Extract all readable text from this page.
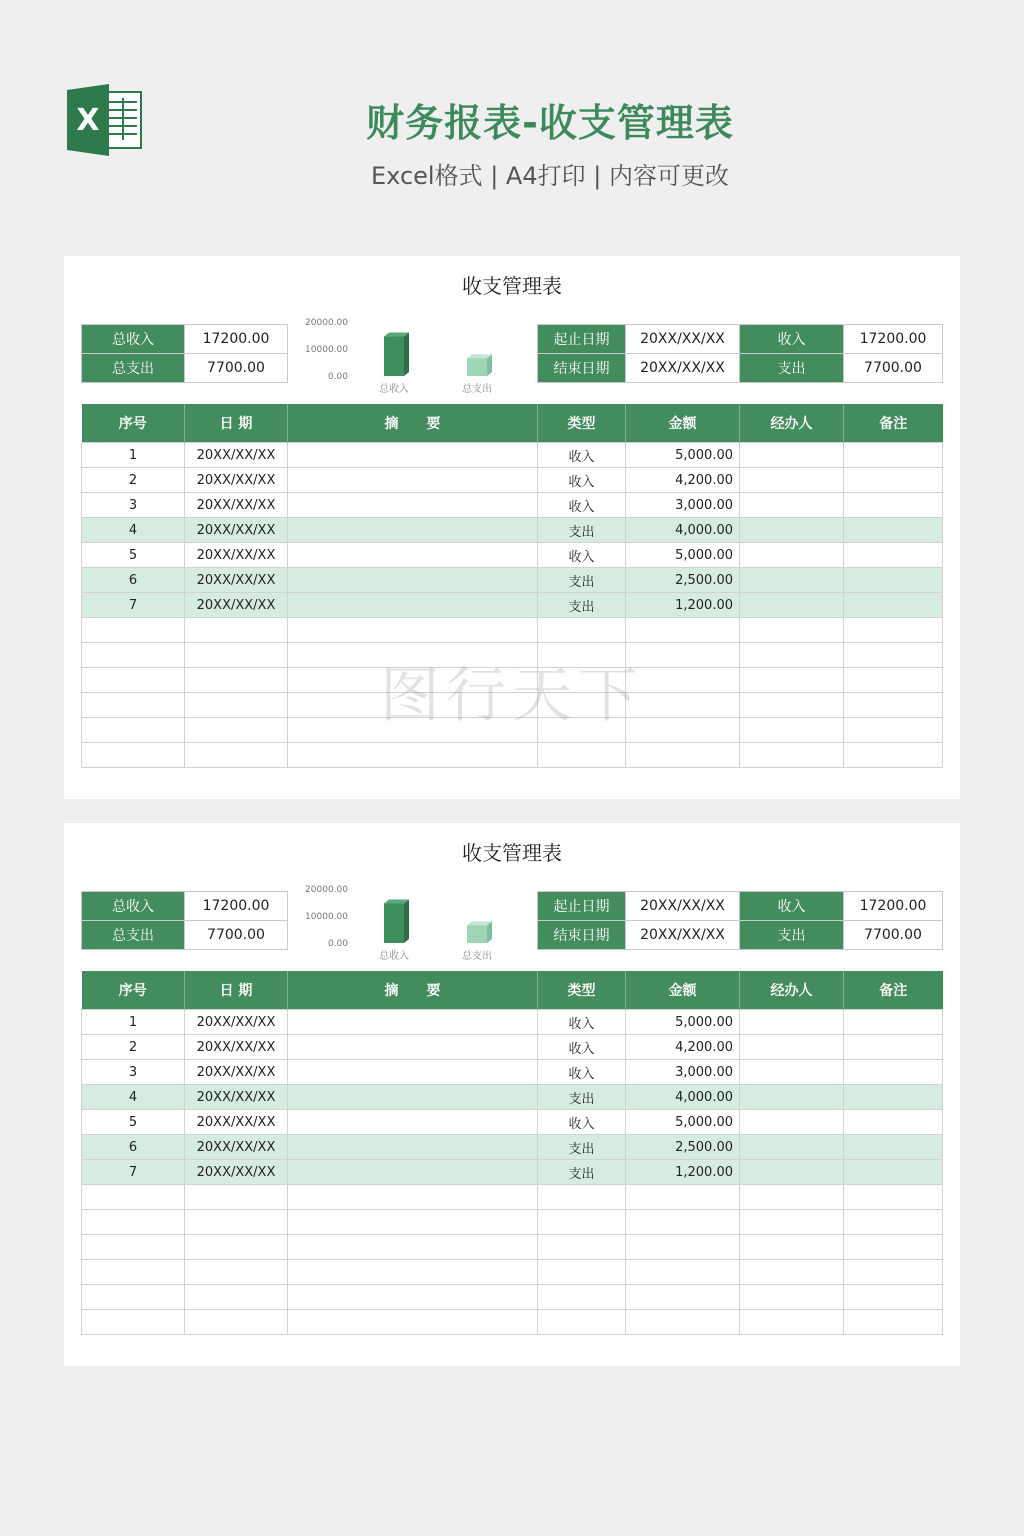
X	财务报表-收支管理表
Excel格式 | A4打印 | 内容可更改
收支管理表
总收入	17200.00
总支出	7700.00
起止日期	20XX/XX/XX	收入	17200.00
结束日期	20XX/XX/XX	支出	7700.00
20000.00
10000.00
0.00
总收入	总支出
序号	日 期	摘　　要	类型	金额	经办人	备注
1	20XX/XX/XX		收入	5,000.00		
2	20XX/XX/XX		收入	4,200.00		
3	20XX/XX/XX		收入	3,000.00		
4	20XX/XX/XX		支出	4,000.00		
5	20XX/XX/XX		收入	5,000.00		
6	20XX/XX/XX		支出	2,500.00		
7	20XX/XX/XX		支出	1,200.00		

收支管理表
总收入	17200.00
总支出	7700.00
起止日期	20XX/XX/XX	收入	17200.00
结束日期	20XX/XX/XX	支出	7700.00
20000.00
10000.00
0.00
总收入	总支出
序号	日 期	摘　　要	类型	金额	经办人	备注
1	20XX/XX/XX		收入	5,000.00		
2	20XX/XX/XX		收入	4,200.00		
3	20XX/XX/XX		收入	3,000.00		
4	20XX/XX/XX		支出	4,000.00		
5	20XX/XX/XX		收入	5,000.00		
6	20XX/XX/XX		支出	2,500.00		
7	20XX/XX/XX		支出	1,200.00		

图行天下
